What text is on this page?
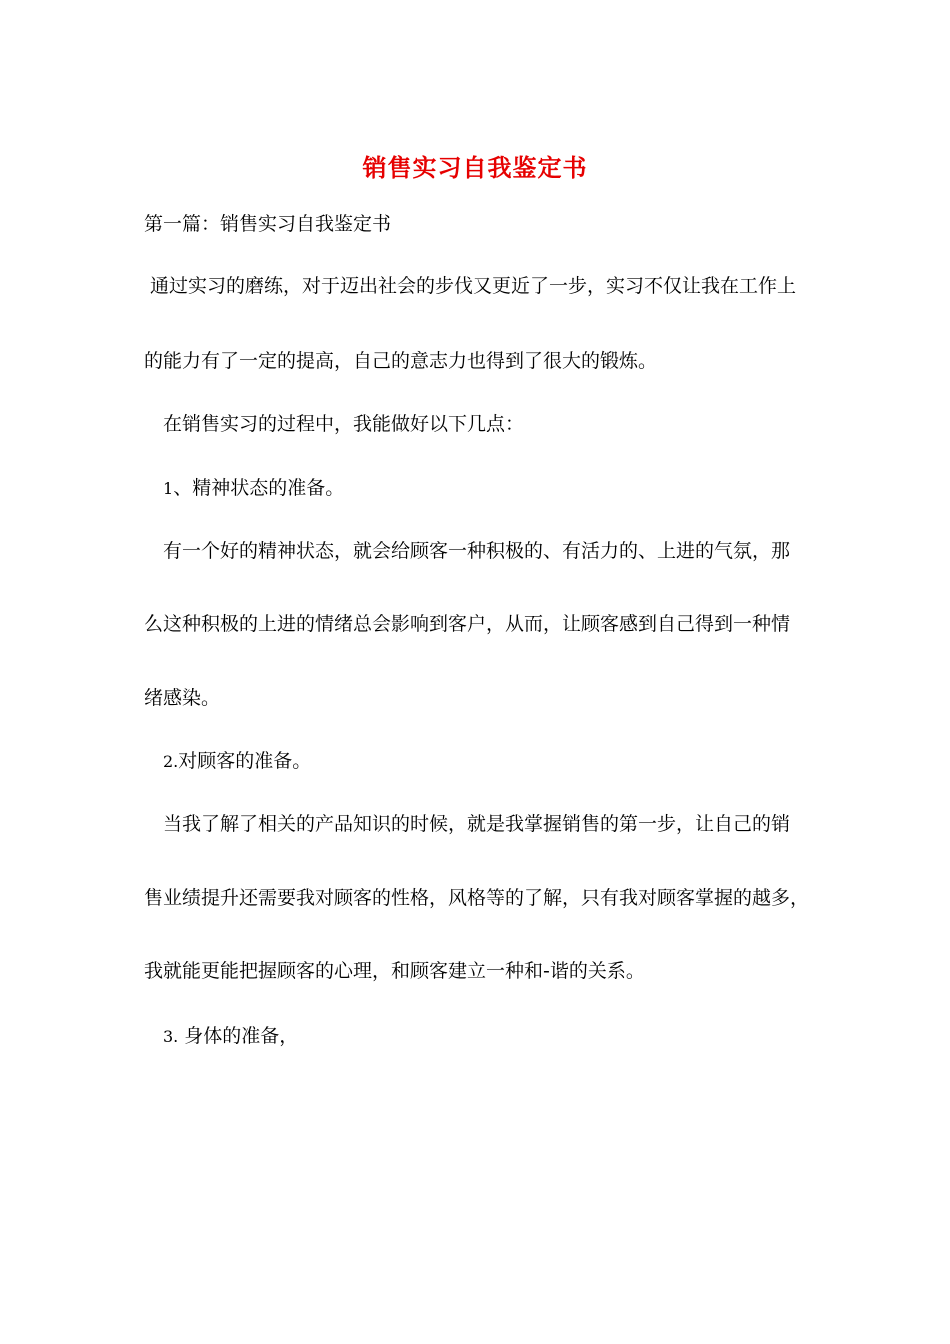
销售实习自我鉴定书
第一篇：销售实习自我鉴定书
通过实习的磨练，对于迈出社会的步伐又更近了一步，实习不仅让我在工作上
的能力有了一定的提高，自己的意志力也得到了很大的锻炼。
在销售实习的过程中，我能做好以下几点：
1、精神状态的准备。
有一个好的精神状态，就会给顾客一种积极的、有活力的、上进的气氛，那
么这种积极的上进的情绪总会影响到客户，从而，让顾客感到自己得到一种情
绪感染。
2.对顾客的准备。
当我了解了相关的产品知识的时候，就是我掌握销售的第一步，让自己的销
售业绩提升还需要我对顾客的性格，风格等的了解，只有我对顾客掌握的越多，
我就能更能把握顾客的心理，和顾客建立一种和-谐的关系。
3. 身体的准备，
